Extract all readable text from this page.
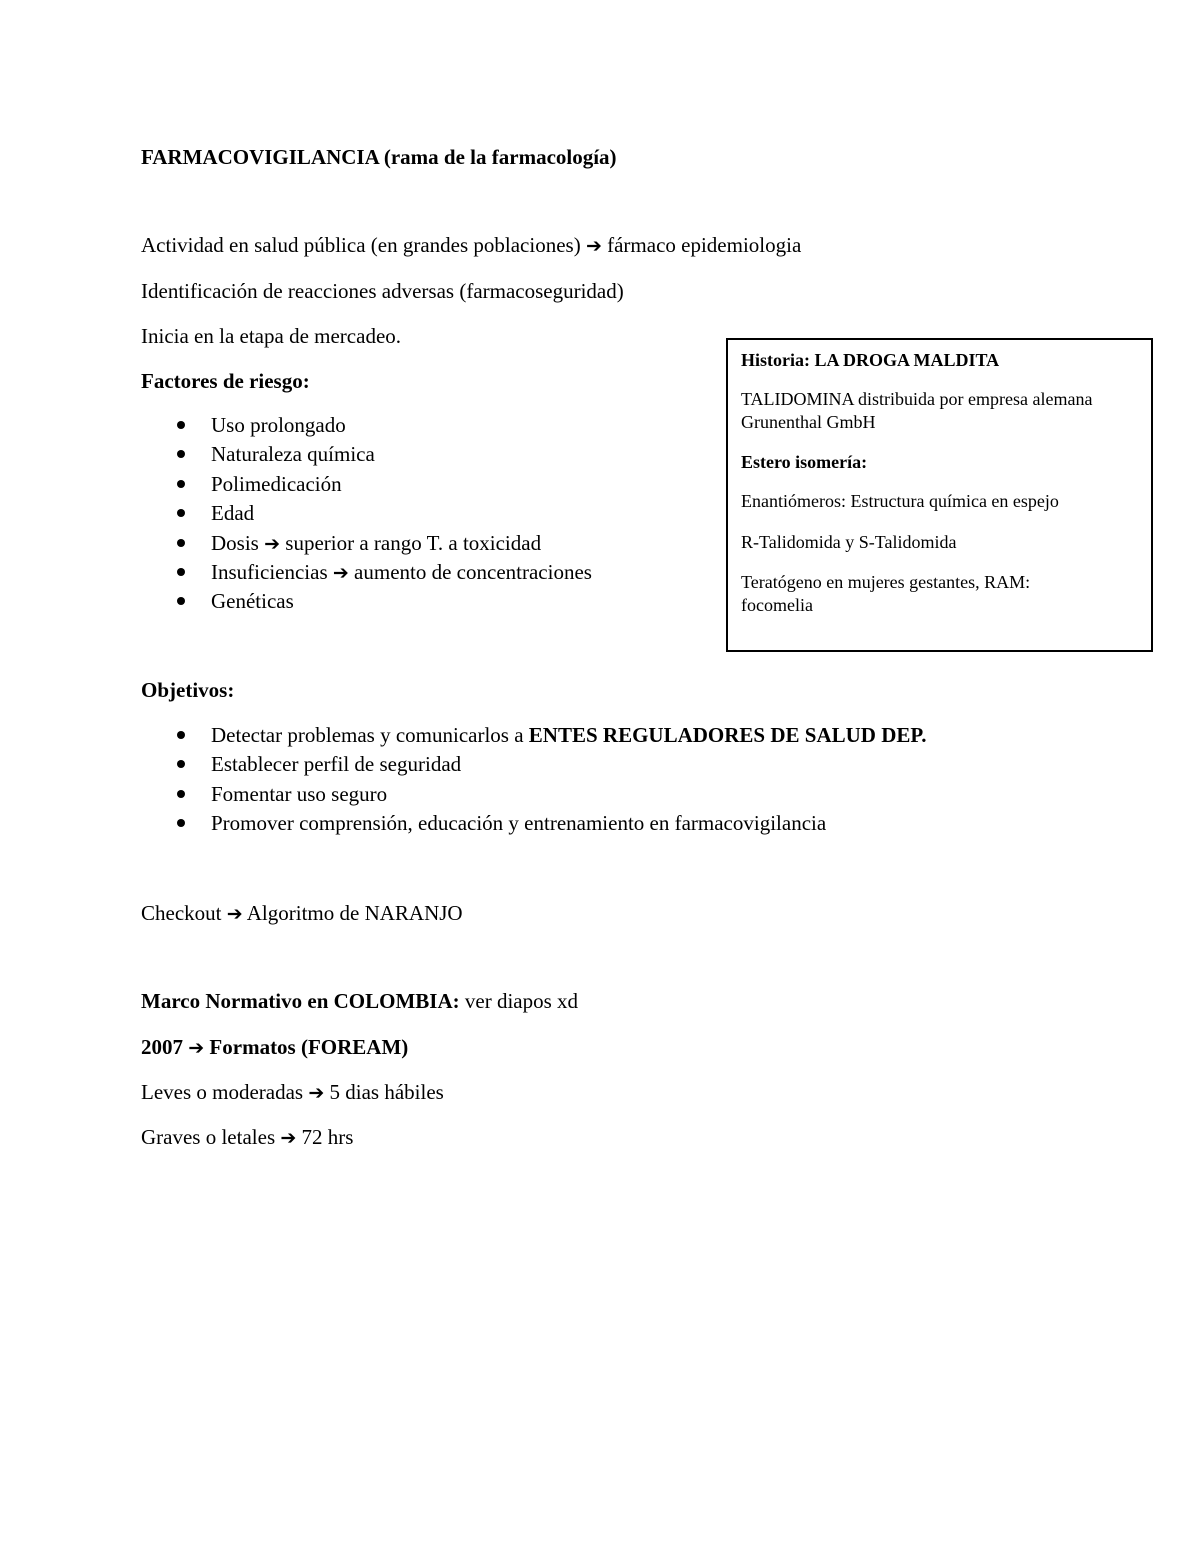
FARMACOVIGILANCIA (rama de la farmacología)
Actividad en salud pública (en grandes poblaciones) ➔ fármaco epidemiologia
Identificación de reacciones adversas (farmacoseguridad)
Inicia en la etapa de mercadeo.
Factores de riesgo:
Uso prolongado
Naturaleza química
Polimedicación
Edad
Dosis ➔ superior a rango T. a toxicidad
Insuficiencias ➔ aumento de concentraciones
Genéticas
Objetivos:
Detectar problemas y comunicarlos a ENTES REGULADORES DE SALUD DEP.
Establecer perfil de seguridad
Fomentar uso seguro
Promover comprensión, educación y entrenamiento en farmacovigilancia
Checkout ➔ Algoritmo de NARANJO
Marco Normativo en COLOMBIA: ver diapos xd
2007 ➔ Formatos (FOREAM)
Leves o moderadas ➔ 5 dias hábiles
Graves o letales ➔ 72 hrs
Historia: LA DROGA MALDITA
TALIDOMINA distribuida por empresa alemana
Grunenthal GmbH
Estero isomería:
Enantiómeros: Estructura química en espejo
R-Talidomida y S-Talidomida
Teratógeno en mujeres gestantes, RAM:
focomelia
